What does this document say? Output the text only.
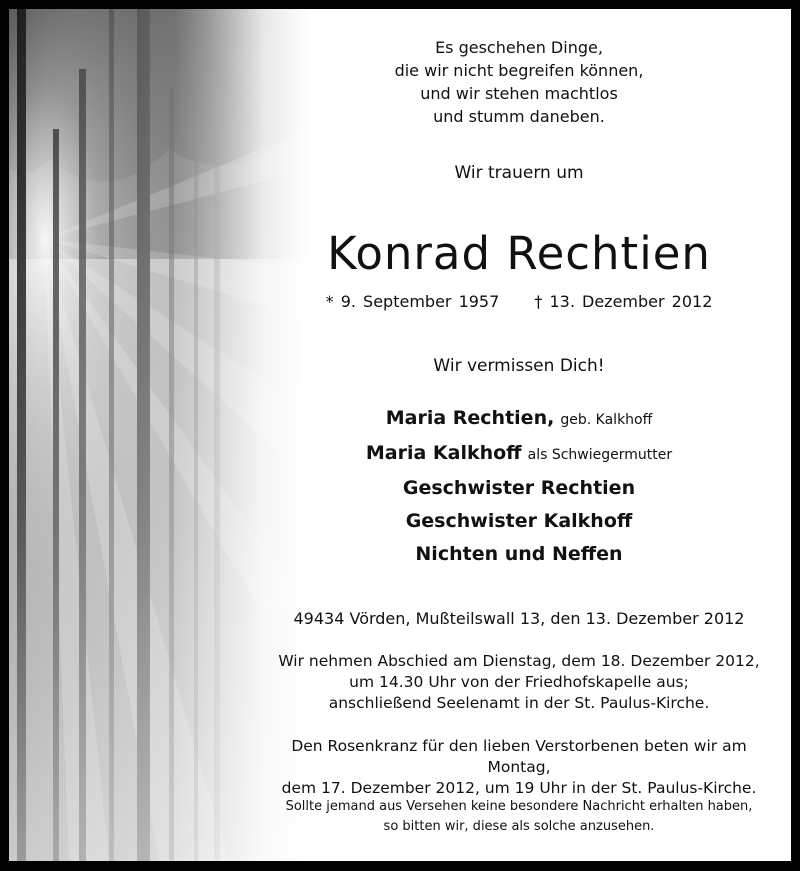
Es geschehen Dinge,
die wir nicht begreifen können,
und wir stehen machtlos
und stumm daneben.
Wir trauern um
Konrad Rechtien
* 9. September 1957 † 13. Dezember 2012
Wir vermissen Dich!
Maria Rechtien, geb. Kalkhoff
Maria Kalkhoff als Schwiegermutter
Geschwister Rechtien
Geschwister Kalkhoff
Nichten und Neffen
49434 Vörden, Mußteilswall 13, den 13. Dezember 2012
Wir nehmen Abschied am Dienstag, dem 18. Dezember 2012,
um 14.30 Uhr von der Friedhofskapelle aus;
anschließend Seelenamt in der St. Paulus-Kirche.
Den Rosenkranz für den lieben Verstorbenen beten wir am Montag,
dem 17. Dezember 2012, um 19 Uhr in der St. Paulus-Kirche.
Sollte jemand aus Versehen keine besondere Nachricht erhalten haben,
so bitten wir, diese als solche anzusehen.
